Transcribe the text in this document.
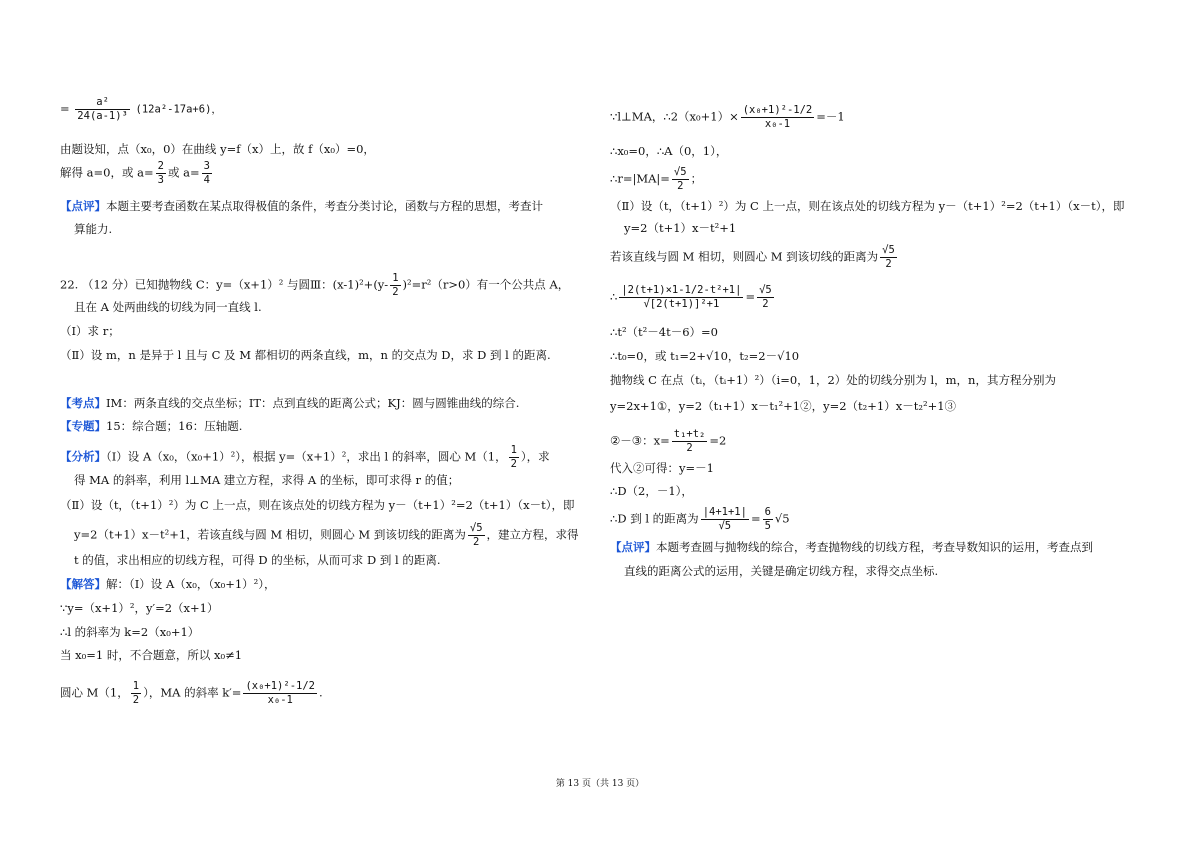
= $\frac{\text{a²}}{\text{24(a-1)³}} (12a^2-17a+6)$，
由题设知，点（x₀，0）在曲线 y=f（x）上，故 f（x₀）=0，
解得 a=0，或 $a= \frac{2}{3}$ 或 $a= \frac{3}{4}$
【点评】本题主要考查函数在某点取得极值的条件，考查分类讨论，函数与方程的思想，考查计
算能力.
22. （12 分）已知抛物线 C：y=（x+1）² 与圆Ⅲ：$(x-1)^2+(y- \frac{1}{2} )^2=r^2(r>0)$有一个公共点 A，
且在 A 处两曲线的切线为同一直线 l.
（Ⅰ）求 r；
（Ⅱ）设 m，n 是异于 l 且与 C 及 M 都相切的两条直线，m，n 的交点为 D，求 D 到 l 的距离.
【考点】IM：两条直线的交点坐标；IT：点到直线的距离公式；KJ：圆与圆锥曲线的综合.
【专题】15：综合题；16：压轴题.
【分析】（Ⅰ）设 A（x₀，（x₀+1）²），根据 y=（x+1）²，求出 l 的斜率，圆心 M（1， $\frac{1}{2}$ ），求
得 MA 的斜率，利用 l⊥MA 建立方程，求得 A 的坐标，即可求得 r 的值；
（Ⅱ）设（t，（t+1）²）为 C 上一点，则在该点处的切线方程为 y－（t+1）²=2（t+1）（x－t），即
y=2（t+1）x－t²+1，若该直线与圆 M 相切，则圆心 M 到该切线的距离为 $\frac{√5}{2}$ ，建立方程，求得
t 的值，求出相应的切线方程，可得 D 的坐标，从而可求 D 到 l 的距离.
【解答】解：（Ⅰ）设 A（x₀，（x₀+1）²），
∵y=（x+1）²，y′=2（x+1）
∴l 的斜率为 k=2（x₀+1）
当 x₀=1 时，不合题意，所以 x₀≠1
圆心 M（1， $\frac{1}{2}$ ），MA 的斜率 $k'= \frac{\text{(x₀+1)²-1/2}}{\text{x₀-1}}$ .
∵l⊥MA，∴2（x₀+1）× $\frac{\text{(x₀+1)²-1/2}}{\text{x₀-1}} =-1$
∴x₀=0，∴A（0，1），
∴r=|MA|= $\frac{√5}{2}$ ；
（Ⅱ）设（t，（t+1）²）为 C 上一点，则在该点处的切线方程为 y－（t+1）²=2（t+1）（x－t），即
y=2（t+1）x－t²+1
若该直线与圆 M 相切，则圆心 M 到该切线的距离为 $\frac{√5}{2}$
∴ $\frac{\text{|2(t+1)×1-1/2-t²+1|}}{\text{√[2(t+1)]²+1}} = \frac{√5}{2}$
∴t²（t²－4t－6）=0
∴t₀=0，或 t₁=2+√10，t₂=2－√10
抛物线 C 在点（tᵢ，（tᵢ+1）²）（i=0，1，2）处的切线分别为 l，m，n，其方程分别为
y=2x+1①，y=2（t₁+1）x－t₁²+1②，y=2（t₂+1）x－t₂²+1③
②－③：$x= \frac{\text{t₁+t₂}}{2} =2$
代入②可得：y=－1
∴D（2，－1），
∴D 到 l 的距离为 $\frac{|4+1+1|}{√5} = \frac{6}{5} √5$
【点评】本题考查圆与抛物线的综合，考查抛物线的切线方程，考查导数知识的运用，考查点到
直线的距离公式的运用，关键是确定切线方程，求得交点坐标.
第 13 页（共 13 页）
